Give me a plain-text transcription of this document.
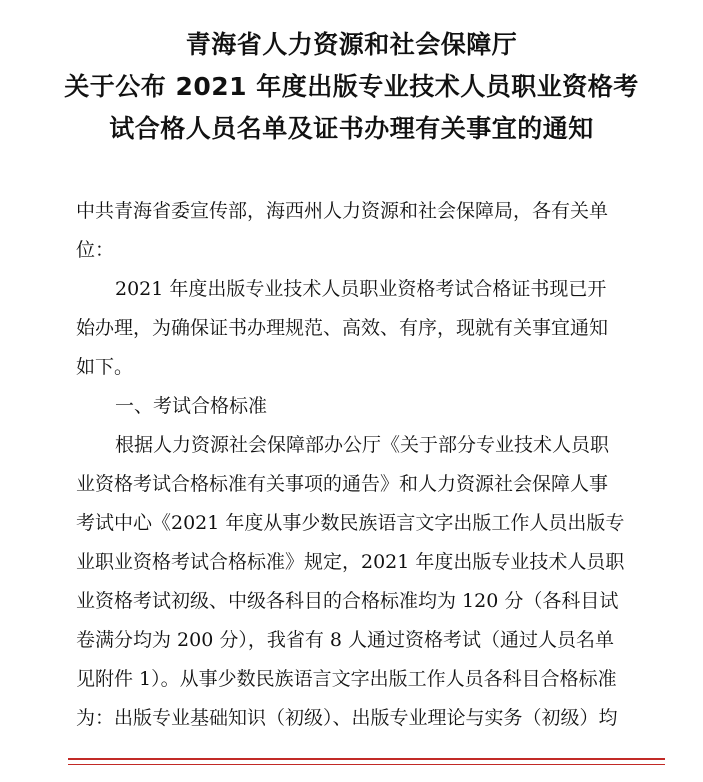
青海省人力资源和社会保障厅
关于公布 2021 年度出版专业技术人员职业资格考
试合格人员名单及证书办理有关事宜的通知
中共青海省委宣传部，海西州人力资源和社会保障局，各有关单
位：
2021 年度出版专业技术人员职业资格考试合格证书现已开
始办理，为确保证书办理规范、高效、有序，现就有关事宜通知
如下。
一、考试合格标准
根据人力资源社会保障部办公厅《关于部分专业技术人员职
业资格考试合格标准有关事项的通告》和人力资源社会保障人事
考试中心《2021 年度从事少数民族语言文字出版工作人员出版专
业职业资格考试合格标准》规定，2021 年度出版专业技术人员职
业资格考试初级、中级各科目的合格标准均为 120 分（各科目试
卷满分均为 200 分），我省有 8 人通过资格考试（通过人员名单
见附件 1）。从事少数民族语言文字出版工作人员各科目合格标准
为：出版专业基础知识（初级）、出版专业理论与实务（初级）均
